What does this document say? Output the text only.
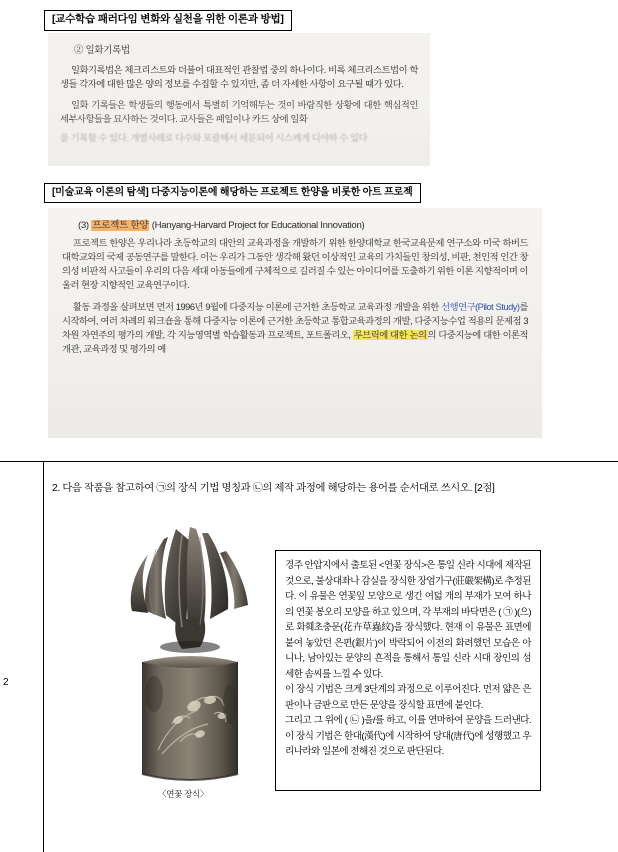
[교수학습 패러다임 변화와 실천을 위한 이론과 방법]
② 일화기록법

일화기록법은 체크리스트와 더불어 대표적인 관찰법 중의 하나이다. 비록 체크리스트법이 학생들 각자에 대한 많은 양의 정보를 수집할 수 있지만, 좀 더 자세한 사항이 요구될 때가 있다.

일화 기록들은 학생들의 행동에서 특별히 기억해두는 것이 바람직한 상황에 대한 핵심적인 세부사항들을 묘사하는 것이다. 교사들은 패일이나 카드 상에 일화

를 기록할 수 있다. 개별사례로 다수와 포괄해서 세분되어 시스케게 디야하 수 있다
[미술교육 이론의 탐색] 다중지능이론에 해당하는 프로젝트 한양을 비롯한 아트 프로젝
(3) 프로젝트 한양 (Hanyang-Harvard Project for Educational Innovation)

프로젝트 한양은 우리나라 초등학교의 대안의 교육과정을 개발하기 위한 한양대학교 한국교육문제 연구소와 미국 하버드 대학교와의 국제 공동연구를 말한다. 이는 우리가 그동안 생각해 왔던 이상적인 교육의 가치들인 창의성, 비판, 천인적 인간 창의성 비판적 사고들이 우리의 다음 세대 아동들에게 구체적으로 길러질 수 있는 아이디어를 도출하기 위한 이론 지향적이며 이울러 현장 지향적인 교육연구이다.

활동 과정을 살펴보면 먼저 1996년 9월에 다중지능 이론에 근거한 초등학교 교육과정 개발을 위한 선행연구(Pilot Study)를 시작하여, 여러 차례의 워크숍을 통해 다중지능 이론에 근거한 초등학교 통합교육과정의 개발, 다중지능수업 적용의 문제점 3차원 자연주의 평가의 개발, 각 지능영역별 학습활동과 프로젝트, 포트폴리오, 루브릭에 대한 논의의 다중지능에 대한 이론적 개관, 교육과정 및 평가의 예

2
2. 다음 작품을 참고하여 ㉠의 장식 기법 명칭과 ㉡의 제작 과정에 해당하는 용어를 순서대로 쓰시오. [2점]
〈연꽃 장식〉

경주 안압지에서 출토된 <연꽃 장식>은 통일 신라 시대에 제작된 것으로, 불상대좌나 감실을 장식한 장엄가구(莊嚴架構)로 추정된다. 이 유물은 연꽃잎 모양으로 생긴 여덟 개의 부재가 모여 하나의 연꽃 봉오리 모양을 하고 있으며, 각 부재의 바닥면은 ( ㉠ )(으)로 화훼초충문(花卉草蟲紋)을 장식했다. 현재 이 유물은 표면에 붙여 놓았던 은편(銀片)이 박락되어 이전의 화려했던 모습은 아니나, 남아있는 문양의 흔적을 통해서 통일 신라 시대 장인의 섬세한 솜씨를 느낄 수 있다.

이 장식 기법은 크게 3단계의 과정으로 이루어진다. 먼저 얇은 은판이나 금판으로 만든 문양을 장식할 표면에 붙인다.

그리고 그 위에 ( ㉡ )을/를 하고, 이를 연마하여 문양을 드러낸다. 이 장식 기법은 한대(漢代)에 시작하여 당대(唐代)에 성행했고 우리나라와 일본에 전해진 것으로 판단된다.
